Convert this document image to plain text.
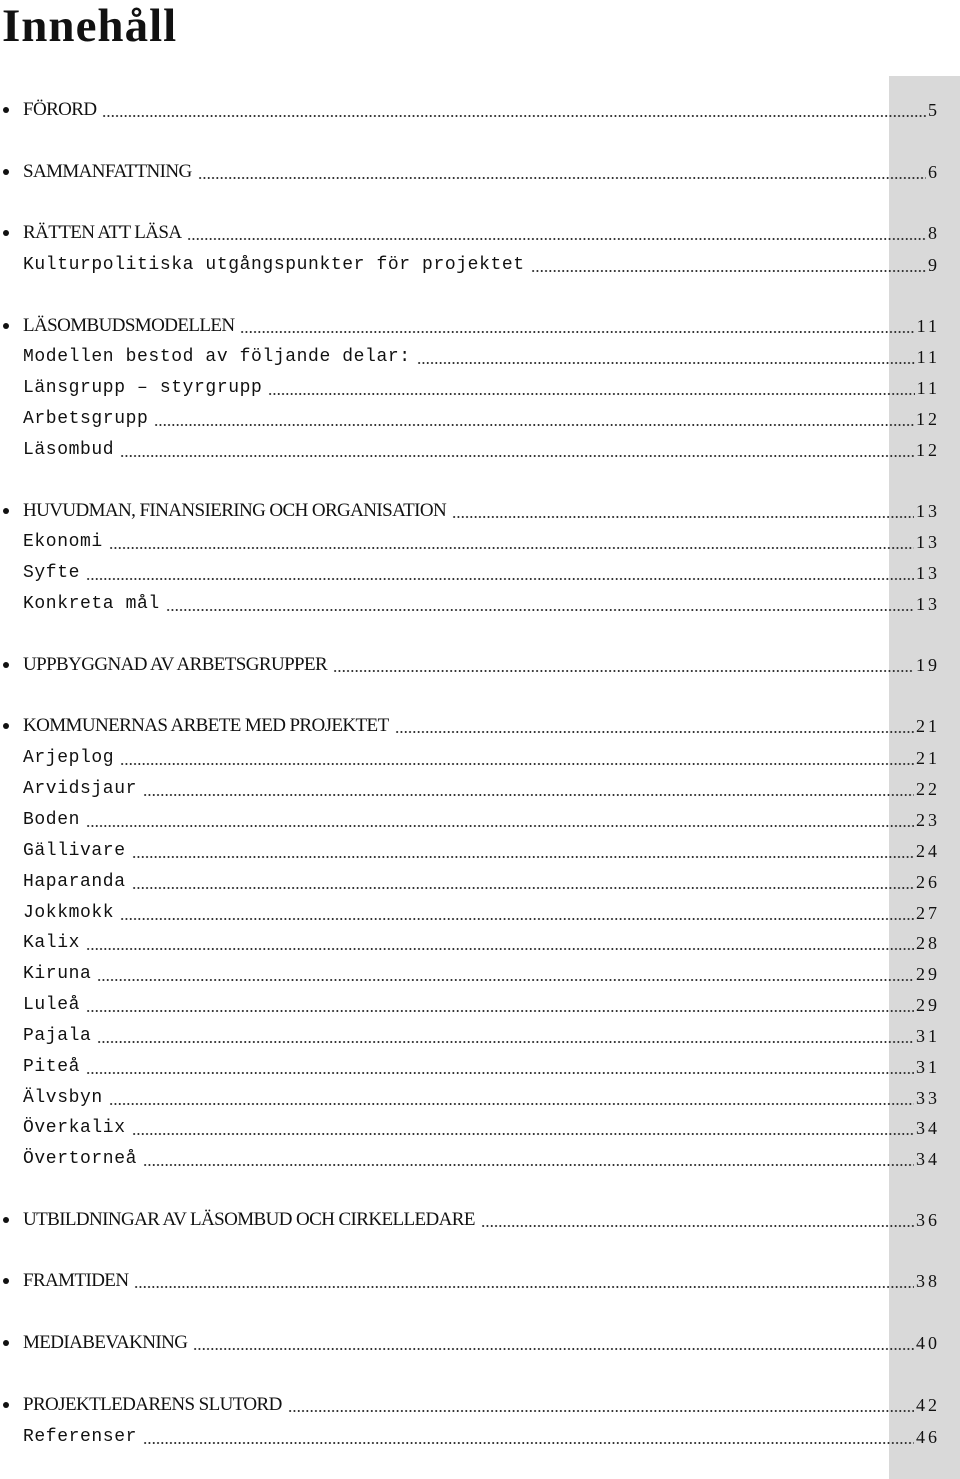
Innehåll
FÖRORD	5
SAMMANFATTNING	6
RÄTTEN ATT LÄSA	8
Kulturpolitiska utgångspunkter för projektet	9
LÄSOMBUDSMODELLEN	11
Modellen bestod av följande delar:	11
Länsgrupp – styrgrupp	11
Arbetsgrupp	12
Läsombud	12
HUVUDMAN, FINANSIERING OCH ORGANISATION	13
Ekonomi	13
Syfte	13
Konkreta mål	13
UPPBYGGNAD AV ARBETSGRUPPER	19
KOMMUNERNAS ARBETE MED PROJEKTET	21
Arjeplog	21
Arvidsjaur	22
Boden	23
Gällivare	24
Haparanda	26
Jokkmokk	27
Kalix	28
Kiruna	29
Luleå	29
Pajala	31
Piteå	31
Älvsbyn	33
Överkalix	34
Övertorneå	34
UTBILDNINGAR AV LÄSOMBUD OCH CIRKELLEDARE	36
FRAMTIDEN	38
MEDIABEVAKNING	40
PROJEKTLEDARENS SLUTORD	42
Referenser	46
